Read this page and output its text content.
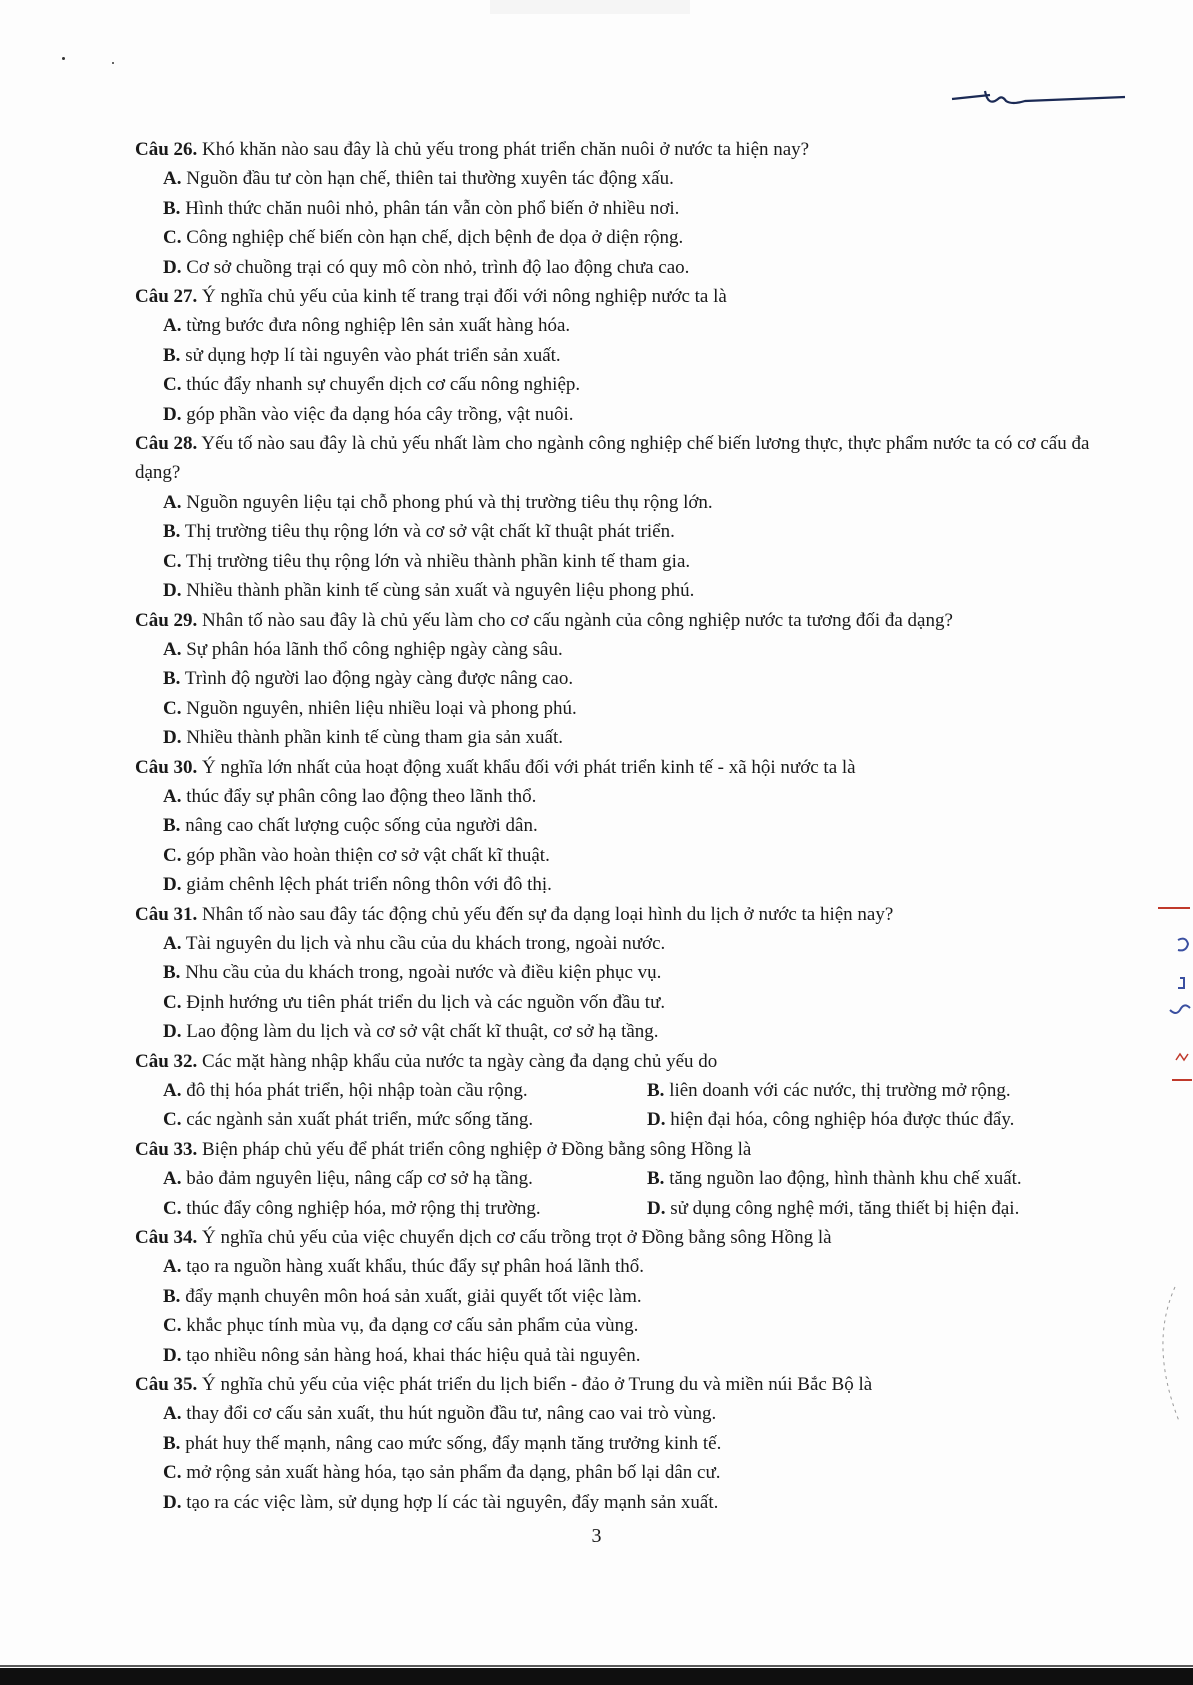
Câu 26. Khó khăn nào sau đây là chủ yếu trong phát triển chăn nuôi ở nước ta hiện nay?
A. Nguồn đầu tư còn hạn chế, thiên tai thường xuyên tác động xấu.
B. Hình thức chăn nuôi nhỏ, phân tán vẫn còn phổ biến ở nhiều nơi.
C. Công nghiệp chế biến còn hạn chế, dịch bệnh đe dọa ở diện rộng.
D. Cơ sở chuồng trại có quy mô còn nhỏ, trình độ lao động chưa cao.
Câu 27. Ý nghĩa chủ yếu của kinh tế trang trại đối với nông nghiệp nước ta là
A. từng bước đưa nông nghiệp lên sản xuất hàng hóa.
B. sử dụng hợp lí tài nguyên vào phát triển sản xuất.
C. thúc đẩy nhanh sự chuyển dịch cơ cấu nông nghiệp.
D. góp phần vào việc đa dạng hóa cây trồng, vật nuôi.
Câu 28. Yếu tố nào sau đây là chủ yếu nhất làm cho ngành công nghiệp chế biến lương thực, thực phẩm nước ta có cơ cấu đa dạng?
A. Nguồn nguyên liệu tại chỗ phong phú và thị trường tiêu thụ rộng lớn.
B. Thị trường tiêu thụ rộng lớn và cơ sở vật chất kĩ thuật phát triển.
C. Thị trường tiêu thụ rộng lớn và nhiều thành phần kinh tế tham gia.
D. Nhiều thành phần kinh tế cùng sản xuất và nguyên liệu phong phú.
Câu 29. Nhân tố nào sau đây là chủ yếu làm cho cơ cấu ngành của công nghiệp nước ta tương đối đa dạng?
A. Sự phân hóa lãnh thổ công nghiệp ngày càng sâu.
B. Trình độ người lao động ngày càng được nâng cao.
C. Nguồn nguyên, nhiên liệu nhiều loại và phong phú.
D. Nhiều thành phần kinh tế cùng tham gia sản xuất.
Câu 30. Ý nghĩa lớn nhất của hoạt động xuất khẩu đối với phát triển kinh tế - xã hội nước ta là
A. thúc đẩy sự phân công lao động theo lãnh thổ.
B. nâng cao chất lượng cuộc sống của người dân.
C. góp phần vào hoàn thiện cơ sở vật chất kĩ thuật.
D. giảm chênh lệch phát triển nông thôn với đô thị.
Câu 31. Nhân tố nào sau đây tác động chủ yếu đến sự đa dạng loại hình du lịch ở nước ta hiện nay?
A. Tài nguyên du lịch và nhu cầu của du khách trong, ngoài nước.
B. Nhu cầu của du khách trong, ngoài nước và điều kiện phục vụ.
C. Định hướng ưu tiên phát triển du lịch và các nguồn vốn đầu tư.
D. Lao động làm du lịch và cơ sở vật chất kĩ thuật, cơ sở hạ tầng.
Câu 32. Các mặt hàng nhập khẩu của nước ta ngày càng đa dạng chủ yếu do
A. đô thị hóa phát triển, hội nhập toàn cầu rộng.	B. liên doanh với các nước, thị trường mở rộng.
C. các ngành sản xuất phát triển, mức sống tăng.	D. hiện đại hóa, công nghiệp hóa được thúc đẩy.
Câu 33. Biện pháp chủ yếu để phát triển công nghiệp ở Đồng bằng sông Hồng là
A. bảo đảm nguyên liệu, nâng cấp cơ sở hạ tầng.	B. tăng nguồn lao động, hình thành khu chế xuất.
C. thúc đẩy công nghiệp hóa, mở rộng thị trường.	D. sử dụng công nghệ mới, tăng thiết bị hiện đại.
Câu 34. Ý nghĩa chủ yếu của việc chuyển dịch cơ cấu trồng trọt ở Đồng bằng sông Hồng là
A. tạo ra nguồn hàng xuất khẩu, thúc đẩy sự phân hoá lãnh thổ.
B. đẩy mạnh chuyên môn hoá sản xuất, giải quyết tốt việc làm.
C. khắc phục tính mùa vụ, đa dạng cơ cấu sản phẩm của vùng.
D. tạo nhiều nông sản hàng hoá, khai thác hiệu quả tài nguyên.
Câu 35. Ý nghĩa chủ yếu của việc phát triển du lịch biển - đảo ở Trung du và miền núi Bắc Bộ là
A. thay đổi cơ cấu sản xuất, thu hút nguồn đầu tư, nâng cao vai trò vùng.
B. phát huy thế mạnh, nâng cao mức sống, đẩy mạnh tăng trưởng kinh tế.
C. mở rộng sản xuất hàng hóa, tạo sản phẩm đa dạng, phân bố lại dân cư.
D. tạo ra các việc làm, sử dụng hợp lí các tài nguyên, đẩy mạnh sản xuất.
3
